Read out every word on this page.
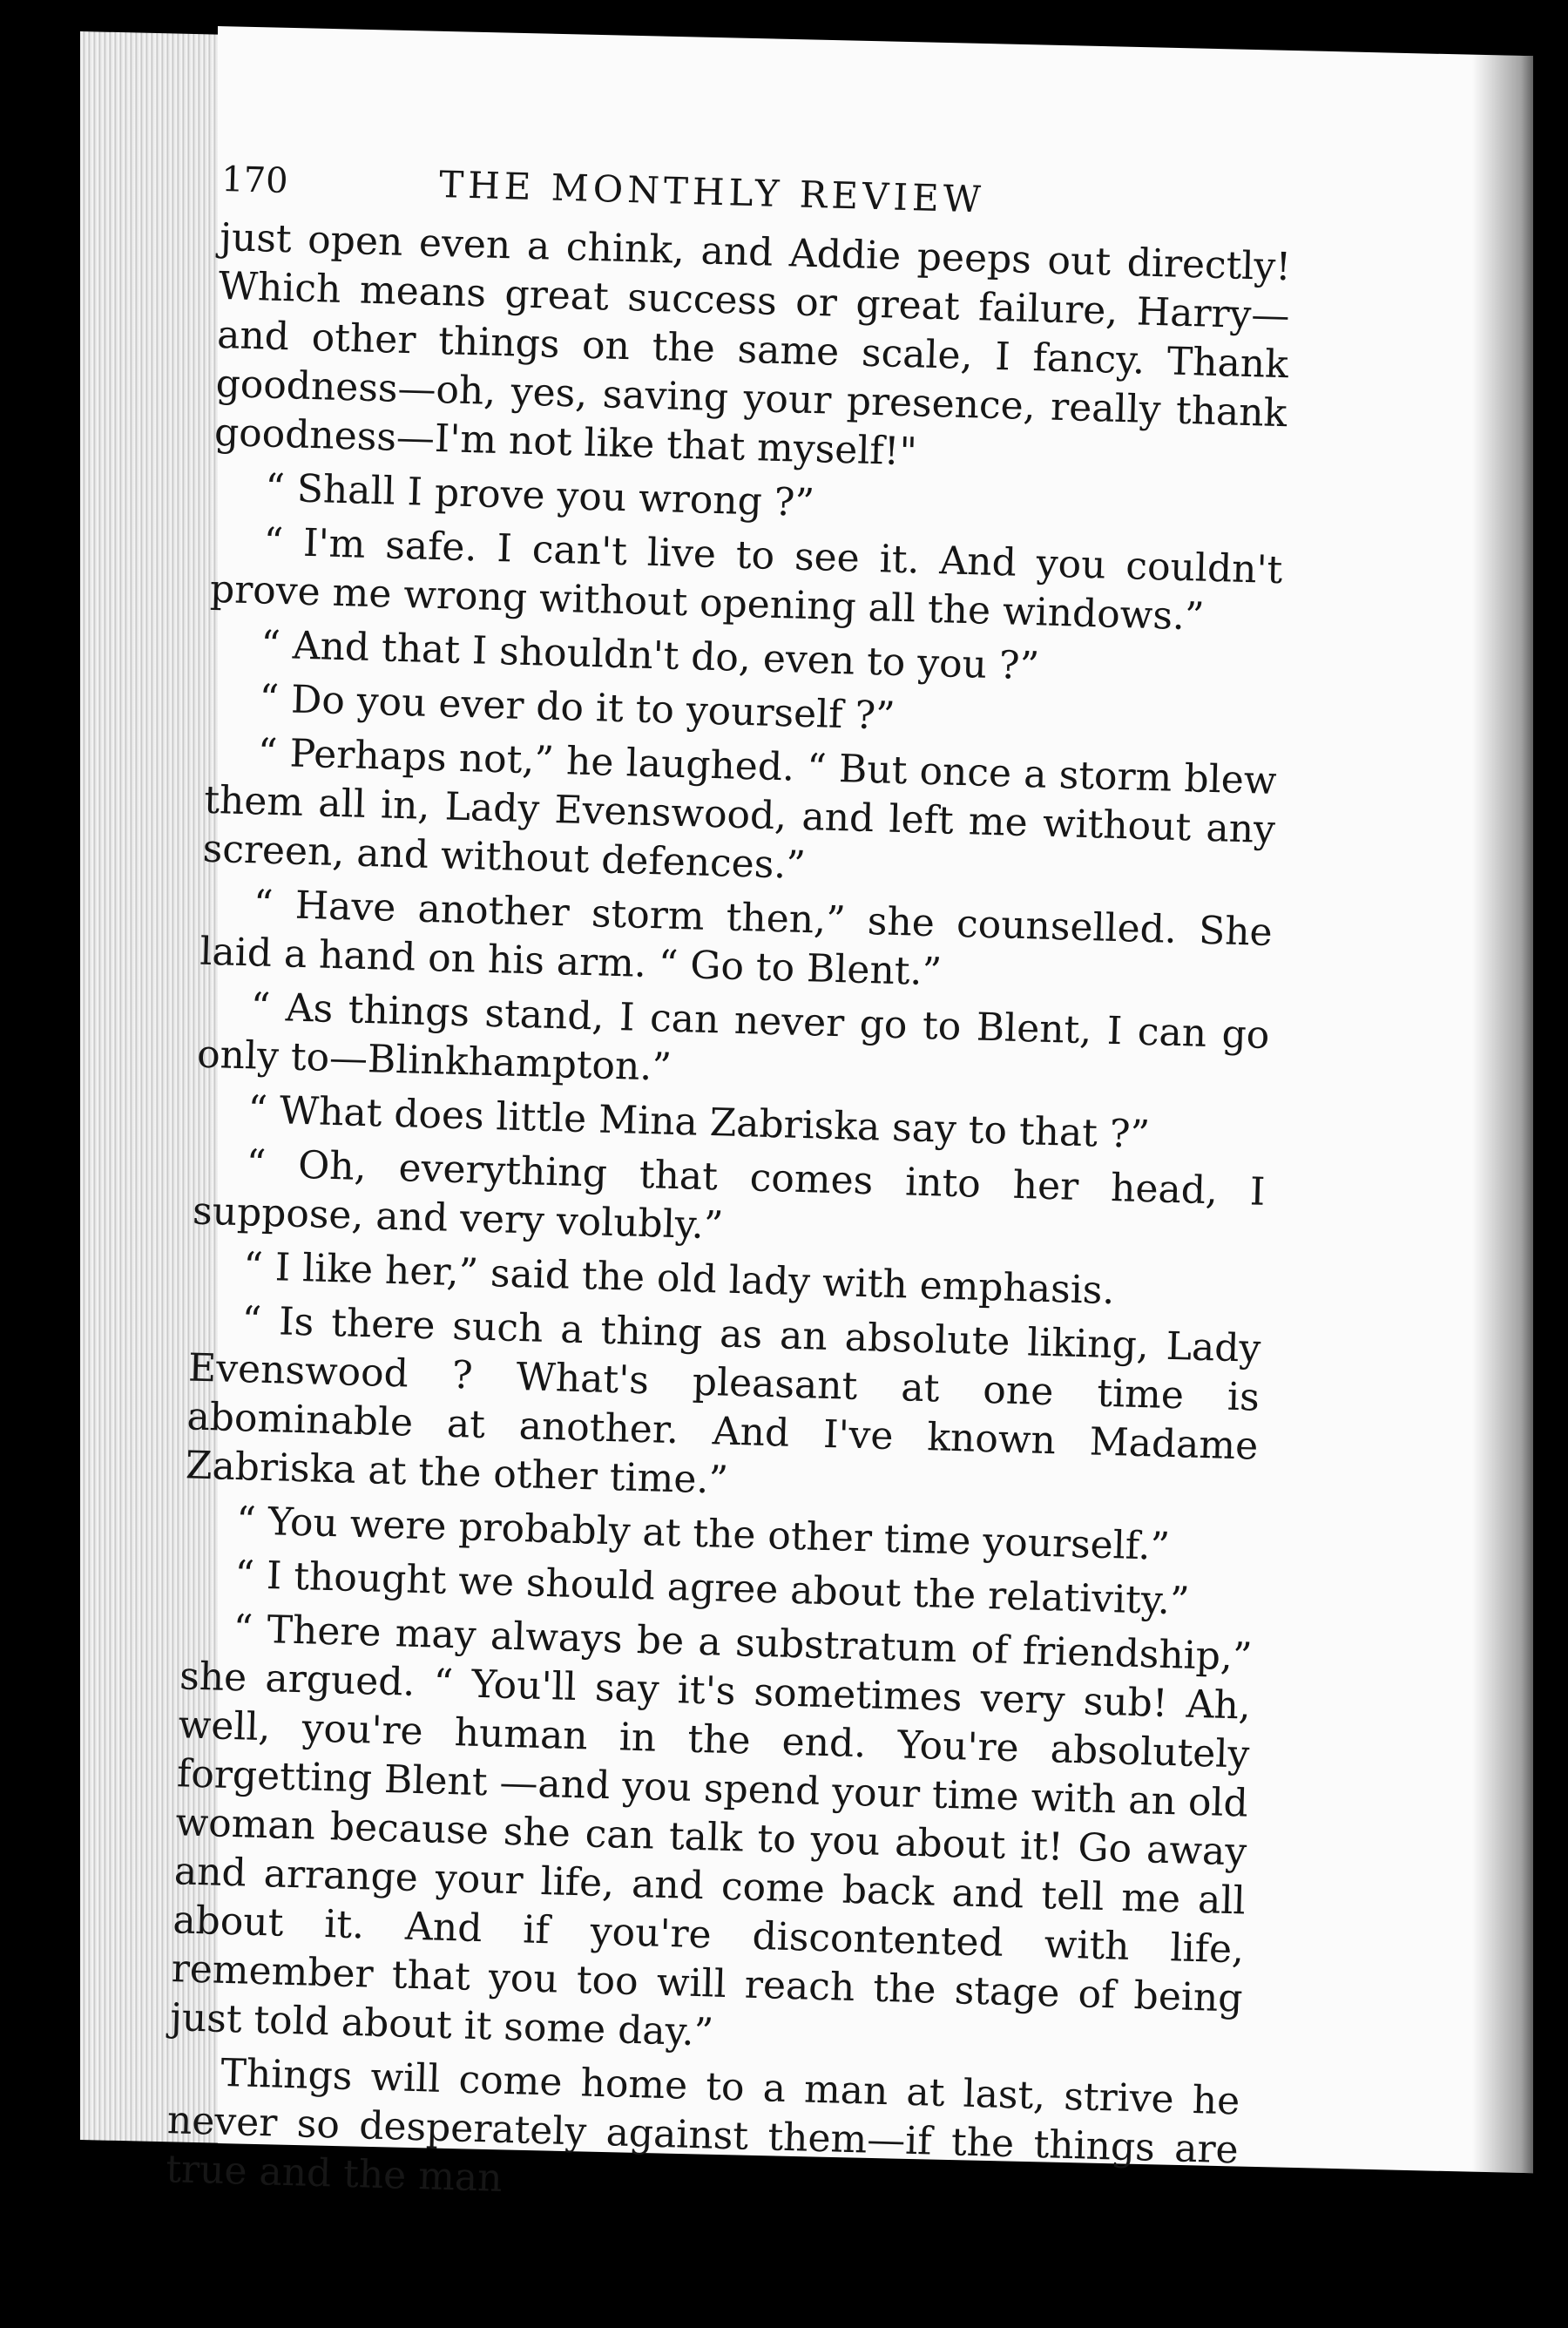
170	THE MONTHLY REVIEW

just open even a chink, and Addie peeps out directly! Which means great success or great failure, Harry—and other things on the same scale, I fancy. Thank goodness—oh, yes, saving your presence, really thank goodness—I'm not like that myself!"

“ Shall I prove you wrong ?”

“ I'm safe. I can't live to see it. And you couldn't prove me wrong without opening all the windows.”

“ And that I shouldn't do, even to you ?”

“ Do you ever do it to yourself ?”

“ Perhaps not,” he laughed. “ But once a storm blew them all in, Lady Evenswood, and left me without any screen, and without defences.”

“ Have another storm then,” she counselled. She laid a hand on his arm. “ Go to Blent.”

“ As things stand, I can never go to Blent, I can go only to—Blinkhampton.”

“ What does little Mina Zabriska say to that ?”

“ Oh, everything that comes into her head, I suppose, and very volubly.”

“ I like her,” said the old lady with emphasis.

“ Is there such a thing as an absolute liking, Lady Evenswood ? What's pleasant at one time is abominable at another. And I've known Madame Zabriska at the other time.”

“ You were probably at the other time yourself.”

“ I thought we should agree about the relativity.”

“ There may always be a substratum of friendship,” she argued. “ You'll say it's sometimes very sub! Ah, well, you're human in the end. You're absolutely forgetting Blent —and you spend your time with an old woman because she can talk to you about it! Go away and arrange your life, and come back and tell me all about it. And if you're discontented with life, remember that you too will reach the stage of being just told about it some day.”

Things will come home to a man at last, strive he never so desperately against them—if the things are true and the man
